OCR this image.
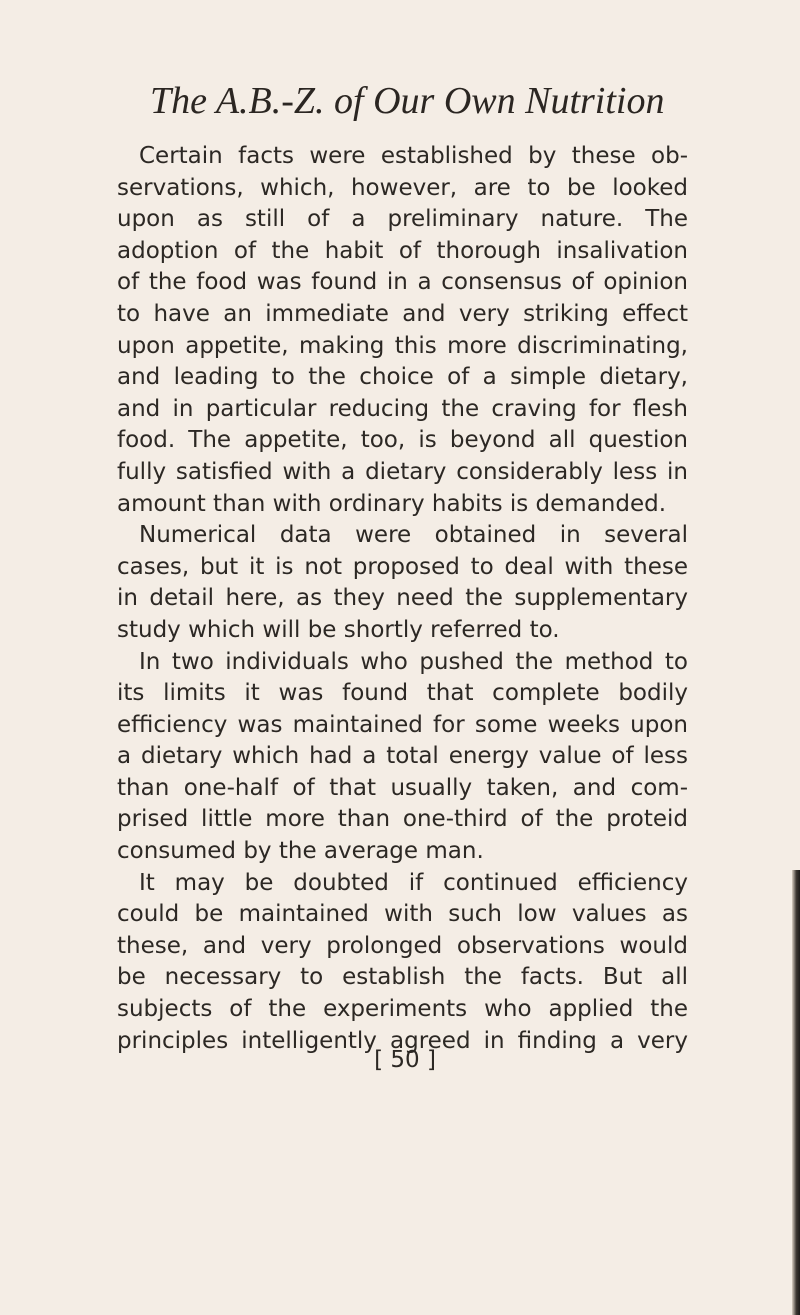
The A.B.-Z. of Our Own Nutrition
Certain facts were established by these ob-
servations, which, however, are to be looked
upon as still of a preliminary nature. The
adoption of the habit of thorough insalivation
of the food was found in a consensus of opinion
to have an immediate and very striking effect
upon appetite, making this more discriminating,
and leading to the choice of a simple dietary,
and in particular reducing the craving for flesh
food. The appetite, too, is beyond all question
fully satisfied with a dietary considerably less in
amount than with ordinary habits is demanded.
Numerical data were obtained in several
cases, but it is not proposed to deal with these
in detail here, as they need the supplementary
study which will be shortly referred to.
In two individuals who pushed the method to
its limits it was found that complete bodily
efficiency was maintained for some weeks upon
a dietary which had a total energy value of less
than one-half of that usually taken, and com-
prised little more than one-third of the proteid
consumed by the average man.
It may be doubted if continued efficiency
could be maintained with such low values as
these, and very prolonged observations would
be necessary to establish the facts. But all
subjects of the experiments who applied the
principles intelligently agreed in finding a very
[ 50 ]
